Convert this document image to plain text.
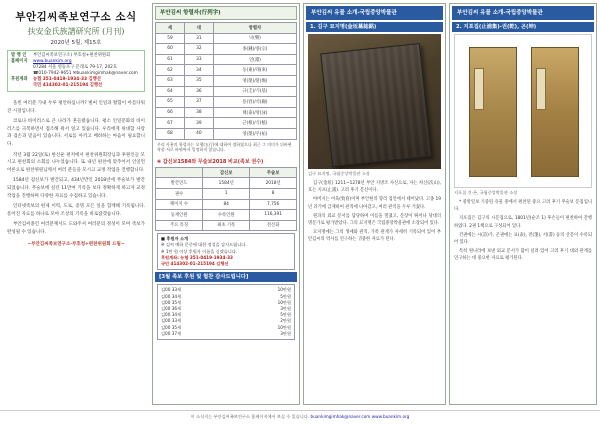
부안김씨족보연구소 소식
扶安金氏族譜研究所 (月刊)
2020년 5월, 제15호
발 행 인	부안김씨족보연구소) 부호청+편찬위원회
홈페이지	www.buankim.org
07284 서울 영등포구 문래로 79-17, 202호
☎010-7942-9651 ✉buankimgimhak@naver.com
후원계좌	농협 351-0419-1934-33 김행선
국민 414302-01-215194 김행선

올빈 여러분 가내 두루 평안하십니까? 벌써 인일과 활함이 아름다워진 시절입니다.

코로나 바이러스로 큰 나라가 흔들렸습니다. 평소 인일문화의 바이러스를 극복하면서 접조해 줘서 얼고 있습니다. 우리에게 위대함 사랑과 겸손과 믿음이 있습니다. 서로를 아끼고 배려하는 마음이 필요합니다.

작년 3월 22일(토) 한신운 편저에서 편찬위원회장님과 후원인들 모시고 편찬회의 소회를 나누었습니다. 또 내년 편찬에 맞추어서 인일면 어론으로 편찬위원님께서 여러 분들을 모시고 교정 작업을 진행합니다.

1584년 갑신보가 발간되고, 434년만인 2018년에 무술보가 발간되었습니다. 무술보에 실린 11만여 기록을 보다 정확하게 하고자 교정작업을 진행하며 다양한 자료를 수집하고 있습니다.

인터넷족보의 편제 이력, 도로, 증명 모든 일을 함께해 기록됩니다. 흩어진 자료를 하나로 모아 조상의 기록을 바로잡겠습니다.

부안김씨종인 여러분께서도 도와주셔 여러분의 정성이 모여 족보가 완성될 수 있습니다.

~부안김씨족보연구소·부호청+편찬위원회 드림~
부안김씨 항렬자(行列字)
세	대	항렬자
59	31	낙(樂)
60	32	종(鍾)/종(宗)
61	33	연(淵)
62	34	동(東)/래(來)
63	35	영(榮)/환(煥)
64	36	규(圭)/기(基)
65	37	용(容)/석(錫)
66	38	태(泰)/영(泳)
67	39	근(根)/식(植)
68	40	영(榮)/우(祐)
우리 사용의 항렬자는 오행(五行)에 대하여 정하였으나 최근 그 의미가 뒤바뀐 작품 서로 바꿔써서 일정하지 않습니다.
❀ 갑신보1584와 무술보2018 비교(족보 권수)
	갑신보	무술보
발간연도	1584년	2018년
권수	1	8
페이지 수	84	7,756
등재인원	수록인원	116,391
주요 특징	최초 기록	전산화
■ 후원자 소개
※ 김씨 예하 문중에 대한 정성을 감사드립니다.
※ 1만 원 이상 후원자 이름을 싣겠습니다.
후원계좌: 농협 351-0419-1934-33
국민 414302-01-215194 김행선
[3월 족보 후원 및 협찬 감사드립니다]
김00 33세	10만원
김00 34세	5만원
김00 35세	10만원
김00 36세	3만원
김00 34세	5만원
김00 33세	2만원
김00 35세	10만원
김00 37세	3만원
부안김씨 유물 소개-국립중앙박물관
1. 김구 묘지명(金坵墓誌銘)
김구 묘지명, 국립중앙박물관 소장

김구(金坵) 1211~1278년 부안 지방조 자신으로, 자는 차산(次山), 호는 지포(止浦). 고려 후기 문신이다.

아버지는 어육(致育)이며 부안현의 향리 집안에서 태어났다. 고종 19년 과거에 급제하여 관직에 나아갔고, 여러 관직을 두루 거쳤다.

원과의 외교 문서를 담당하며 이름을 떨쳤고, 문장이 뛰어나 당대의 명문가로 평가받았다. 그의 묘지명은 국립중앙박물관에 소장되어 있다.

묘지명에는 그의 생애와 관직, 가족 관계가 자세히 기록되어 있어 부안김씨의 역사를 연구하는 귀중한 자료가 된다.

부안김씨 유물 소개-국립중앙박물관
2. 지포집(止浦集)-권(乾), 곤(坤)
지포집 건·곤, 국립중앙박물관 소장

* 중앙일보 기증된 유물 중에서 편찬된 중요 고려 후기 무술보 문집입니다.

지포집은 김구의 시문집으로, 1801년(순조 1) 후손들이 편찬하여 간행하였다. 2권 1책으로 구성되어 있다.

건권에는 시(詩)가, 곤권에는 표(表), 전(箋), 서(書) 등의 산문이 수록되어 있다.

특히 원나라에 보낸 외교 문서가 많이 실려 있어 고려 후기 대외 관계를 연구하는 데 중요한 자료로 평가된다.

이 소식지는 부안김씨족보연구소 홈페이지에서 보실 수 있습니다. buankimgimhak@naver.com www.buankim.org
